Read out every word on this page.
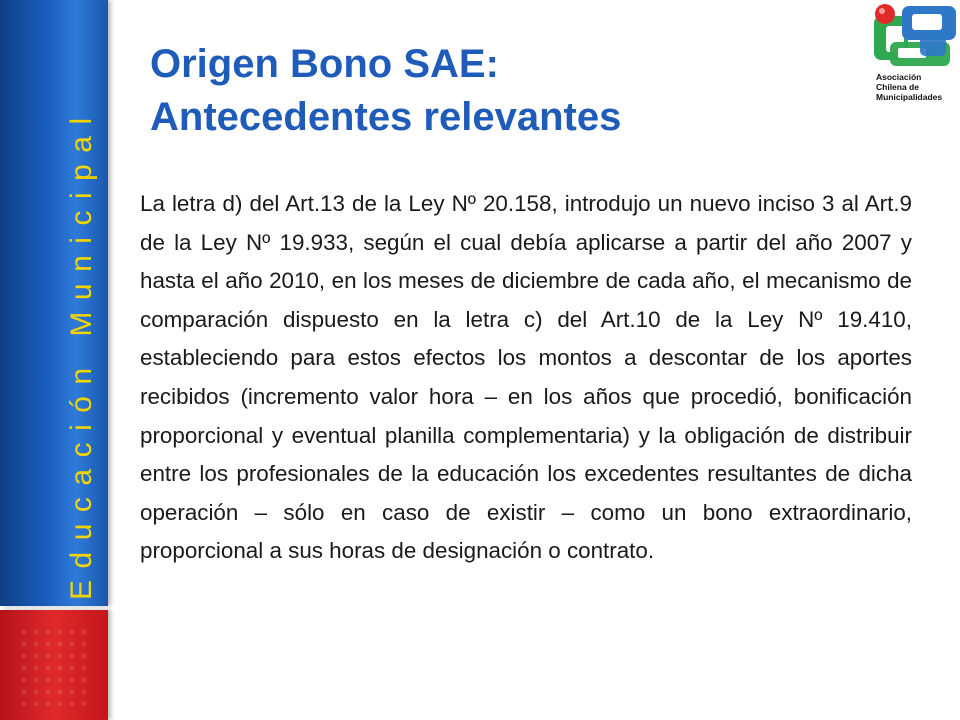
Educación Municipal
Origen Bono SAE:
Antecedentes relevantes

La letra d) del Art.13 de la Ley Nº 20.158, introdujo un nuevo inciso 3 al Art.9 de la Ley Nº 19.933, según el cual debía aplicarse a partir del año 2007 y hasta el año 2010, en los meses de diciembre de cada año, el mecanismo de comparación dispuesto en la letra c) del Art.10 de la Ley Nº 19.410, estableciendo para estos efectos los montos a descontar de los aportes recibidos (incremento valor hora – en los años que procedió, bonificación proporcional y eventual planilla complementaria) y la obligación de distribuir entre los profesionales de la educación los excedentes resultantes de dicha operación – sólo en caso de existir – como un bono extraordinario, proporcional a sus horas de designación o contrato.

Asociación
Chilena de
Municipalidades
